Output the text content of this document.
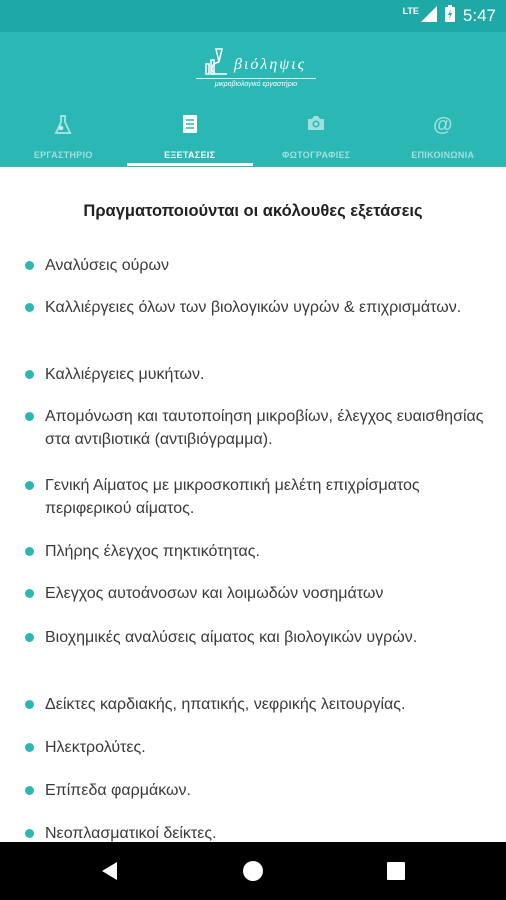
LTE	5:47
βιόληψις
μικροβιολογικό εργαστήριο
ΕΡΓΑΣΤΗΡΙΟ	ΕΞΕΤΑΣΕΙΣ	ΦΩΤΟΓΡΑΦΙΕΣ
@
ΕΠΙΚΟΙΝΩΝΙΑ
Πραγματοποιούνται οι ακόλουθες εξετάσεις
Αναλύσεις ούρων
Καλλιέργειες όλων των βιολογικών υγρών & επιχρισμάτων.
Καλλιέργειες μυκήτων.
Απομόνωση και ταυτοποίηση μικροβίων, έλεγχος ευαισθησίας στα αντιβιοτικά (αντιβιόγραμμα).
Γενική Αίματος με μικροσκοπική μελέτη επιχρίσματος περιφερικού αίματος.
Πλήρης έλεγχος πηκτικότητας.
Ελεγχος αυτοάνοσων και λοιμωδών νοσημάτων
Βιοχημικές αναλύσεις αίματος και βιολογικών υγρών.
Δείκτες καρδιακής, ηπατικής, νεφρικής λειτουργίας.
Ηλεκτρολύτες.
Επίπεδα φαρμάκων.
Νεοπλασματικοί δείκτες.
